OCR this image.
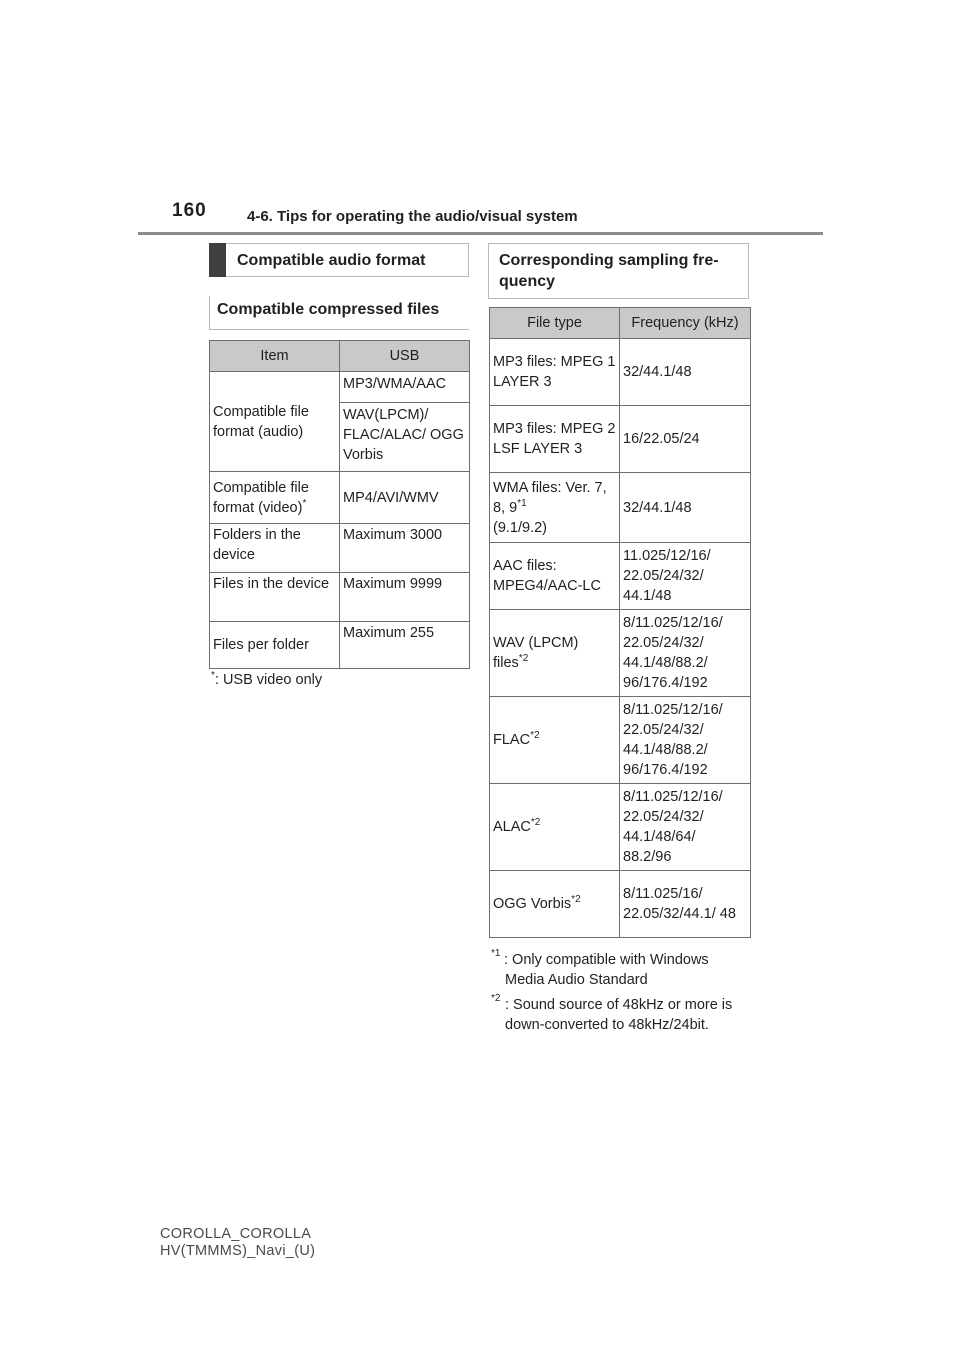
160	4-6. Tips for operating the audio/visual system
Compatible audio format
Compatible compressed files
Item	USB
Compatible file format (audio)	MP3/WMA/AAC
	WAV(LPCM)/ FLAC/ALAC/ OGG Vorbis
Compatible file format (video)*	MP4/AVI/WMV
Folders in the device	Maximum 3000
Files in the device	Maximum 9999
Files per folder	Maximum 255
*: USB video only
Corresponding sampling fre- quency
File type	Frequency (kHz)
MP3 files: MPEG 1 LAYER 3	32/44.1/48
MP3 files: MPEG 2 LSF LAYER 3	16/22.05/24
WMA files: Ver. 7, 8, 9$^{*1}$
(9.1/9.2)	32/44.1/48
AAC files: MPEG4/AAC-LC	11.025/12/16/ 22.05/24/32/ 44.1/48
WAV (LPCM) files$^{*2}$	8/11.025/12/16/ 22.05/24/32/ 44.1/48/88.2/ 96/176.4/192
FLAC$^{*2}$	8/11.025/12/16/ 22.05/24/32/ 44.1/48/88.2/ 96/176.4/192
ALAC$^{*2}$	8/11.025/12/16/ 22.05/24/32/ 44.1/48/64/ 88.2/96
OGG Vorbis$^{*2}$	8/11.025/16/ 22.05/32/44.1/ 48
*1 : Only compatible with Windows Media Audio Standard
*2 : Sound source of 48kHz or more is down-converted to 48kHz/24bit.
COROLLA_COROLLA
HV(TMMMS)_Navi_(U)
